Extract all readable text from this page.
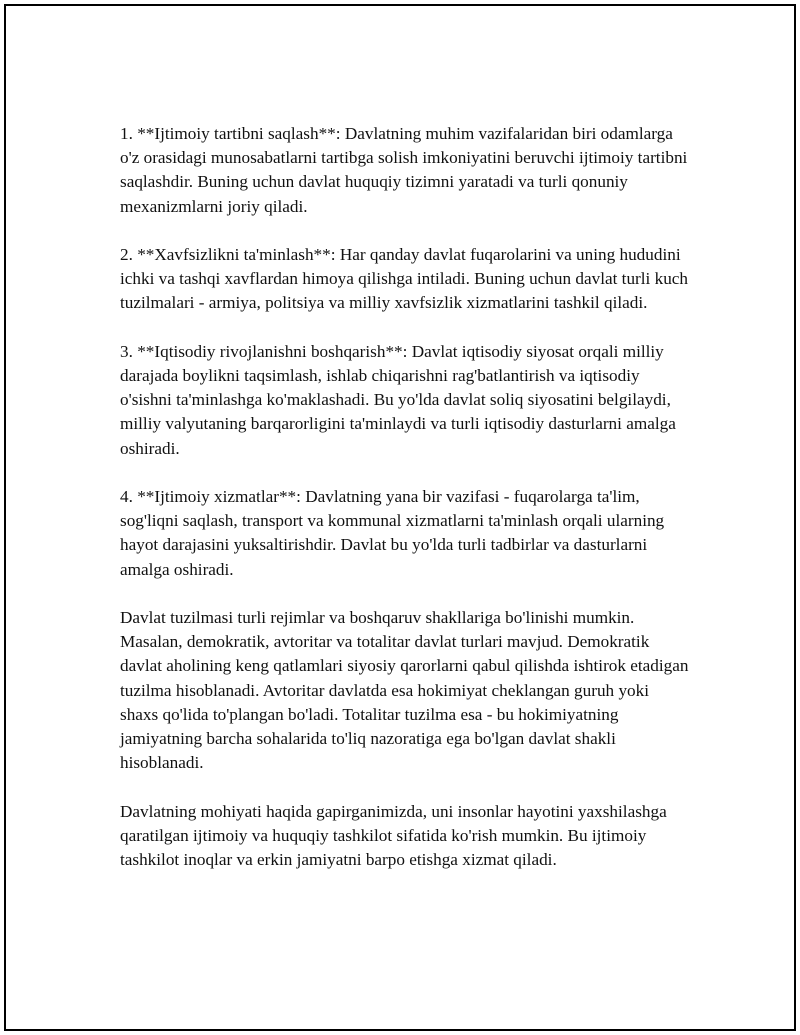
1. **Ijtimoiy tartibni saqlash**: Davlatning muhim vazifalaridan biri odamlarga o'z orasidagi munosabatlarni tartibga solish imkoniyatini beruvchi ijtimoiy tartibni saqlashdir. Buning uchun davlat huquqiy tizimni yaratadi va turli qonuniy mexanizmlarni joriy qiladi.

2. **Xavfsizlikni ta'minlash**: Har qanday davlat fuqarolarini va uning hududini ichki va tashqi xavflardan himoya qilishga intiladi. Buning uchun davlat turli kuch tuzilmalari - armiya, politsiya va milliy xavfsizlik xizmatlarini tashkil qiladi.

3. **Iqtisodiy rivojlanishni boshqarish**: Davlat iqtisodiy siyosat orqali milliy darajada boylikni taqsimlash, ishlab chiqarishni rag'batlantirish va iqtisodiy o'sishni ta'minlashga ko'maklashadi. Bu yo'lda davlat soliq siyosatini belgilaydi, milliy valyutaning barqarorligini ta'minlaydi va turli iqtisodiy dasturlarni amalga oshiradi.

4. **Ijtimoiy xizmatlar**: Davlatning yana bir vazifasi - fuqarolarga ta'lim, sog'liqni saqlash, transport va kommunal xizmatlarni ta'minlash orqali ularning hayot darajasini yuksaltirishdir. Davlat bu yo'lda turli tadbirlar va dasturlarni amalga oshiradi.

Davlat tuzilmasi turli rejimlar va boshqaruv shakllariga bo'linishi mumkin. Masalan, demokratik, avtoritar va totalitar davlat turlari mavjud. Demokratik davlat aholining keng qatlamlari siyosiy qarorlarni qabul qilishda ishtirok etadigan tuzilma hisoblanadi. Avtoritar davlatda esa hokimiyat cheklangan guruh yoki shaxs qo'lida to'plangan bo'ladi. Totalitar tuzilma esa - bu hokimiyatning jamiyatning barcha sohalarida to'liq nazoratiga ega bo'lgan davlat shakli hisoblanadi.

Davlatning mohiyati haqida gapirganimizda, uni insonlar hayotini yaxshilashga qaratilgan ijtimoiy va huquqiy tashkilot sifatida ko'rish mumkin. Bu ijtimoiy tashkilot inoqlar va erkin jamiyatni barpo etishga xizmat qiladi.
